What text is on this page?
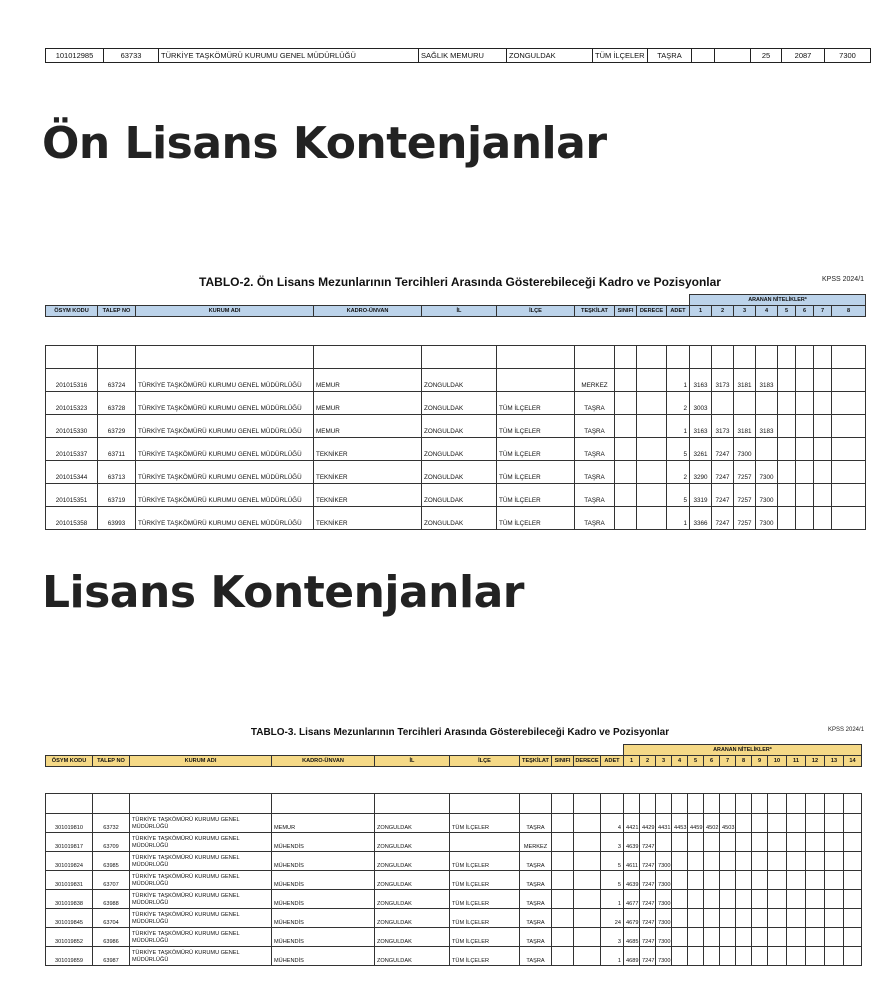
101012985	63733	TÜRKİYE TAŞKÖMÜRÜ KURUMU GENEL MÜDÜRLÜĞÜ	SAĞLIK MEMURU	ZONGULDAK	TÜM İLÇELER	TAŞRA			25	2087	7300
Ön Lisans Kontenjanlar
TABLO-2. Ön Lisans Mezunlarının Tercihleri Arasında Gösterebileceği Kadro ve Pozisyonlar	KPSS 2024/1
										ARANAN NİTELİKLER*							
ÖSYM KODU	TALEP NO	KURUM ADI	KADRO-ÜNVAN	İL	İLÇE	TEŞKİLAT	SINIFI	DERECE	ADET	1	2	3	4	5	6	7	8

201015316	63724	TÜRKİYE TAŞKÖMÜRÜ KURUMU GENEL MÜDÜRLÜĞÜ	MEMUR	ZONGULDAK		MERKEZ			1	3163	3173	3181	3183				
201015323	63728	TÜRKİYE TAŞKÖMÜRÜ KURUMU GENEL MÜDÜRLÜĞÜ	MEMUR	ZONGULDAK	TÜM İLÇELER	TAŞRA			2	3003							
201015330	63729	TÜRKİYE TAŞKÖMÜRÜ KURUMU GENEL MÜDÜRLÜĞÜ	MEMUR	ZONGULDAK	TÜM İLÇELER	TAŞRA			1	3163	3173	3181	3183				
201015337	63711	TÜRKİYE TAŞKÖMÜRÜ KURUMU GENEL MÜDÜRLÜĞÜ	TEKNİKER	ZONGULDAK	TÜM İLÇELER	TAŞRA			5	3261	7247	7300					
201015344	63713	TÜRKİYE TAŞKÖMÜRÜ KURUMU GENEL MÜDÜRLÜĞÜ	TEKNİKER	ZONGULDAK	TÜM İLÇELER	TAŞRA			2	3290	7247	7257	7300				
201015351	63719	TÜRKİYE TAŞKÖMÜRÜ KURUMU GENEL MÜDÜRLÜĞÜ	TEKNİKER	ZONGULDAK	TÜM İLÇELER	TAŞRA			5	3319	7247	7257	7300				
201015358	63993	TÜRKİYE TAŞKÖMÜRÜ KURUMU GENEL MÜDÜRLÜĞÜ	TEKNİKER	ZONGULDAK	TÜM İLÇELER	TAŞRA			1	3366	7247	7257	7300				
Lisans Kontenjanlar
TABLO-3. Lisans Mezunlarının Tercihleri Arasında Gösterebileceği Kadro ve Pozisyonlar	KPSS 2024/1
										ARANAN NİTELİKLER*													
ÖSYM KODU	TALEP NO	KURUM ADI	KADRO-ÜNVAN	İL	İLÇE	TEŞKİLAT	SINIFI	DERECE	ADET	1	2	3	4	5	6	7	8	9	10	11	12	13	14

301019810	63732	TÜRKİYE TAŞKÖMÜRÜ KURUMU GENEL MÜDÜRLÜĞÜ	MEMUR	ZONGULDAK	TÜM İLÇELER	TAŞRA			4	4421	4429	4431	4453	4459	4502	4503							
301019817	63709	TÜRKİYE TAŞKÖMÜRÜ KURUMU GENEL MÜDÜRLÜĞÜ	MÜHENDİS	ZONGULDAK		MERKEZ			3	4639	7247												
301019824	63985	TÜRKİYE TAŞKÖMÜRÜ KURUMU GENEL MÜDÜRLÜĞÜ	MÜHENDİS	ZONGULDAK	TÜM İLÇELER	TAŞRA			5	4611	7247	7300											
301019831	63707	TÜRKİYE TAŞKÖMÜRÜ KURUMU GENEL MÜDÜRLÜĞÜ	MÜHENDİS	ZONGULDAK	TÜM İLÇELER	TAŞRA			5	4639	7247	7300											
301019838	63988	TÜRKİYE TAŞKÖMÜRÜ KURUMU GENEL MÜDÜRLÜĞÜ	MÜHENDİS	ZONGULDAK	TÜM İLÇELER	TAŞRA			1	4677	7247	7300											
301019845	63704	TÜRKİYE TAŞKÖMÜRÜ KURUMU GENEL MÜDÜRLÜĞÜ	MÜHENDİS	ZONGULDAK	TÜM İLÇELER	TAŞRA			24	4679	7247	7300											
301019852	63986	TÜRKİYE TAŞKÖMÜRÜ KURUMU GENEL MÜDÜRLÜĞÜ	MÜHENDİS	ZONGULDAK	TÜM İLÇELER	TAŞRA			3	4685	7247	7300											
301019859	63987	TÜRKİYE TAŞKÖMÜRÜ KURUMU GENEL MÜDÜRLÜĞÜ	MÜHENDİS	ZONGULDAK	TÜM İLÇELER	TAŞRA			1	4689	7247	7300											
